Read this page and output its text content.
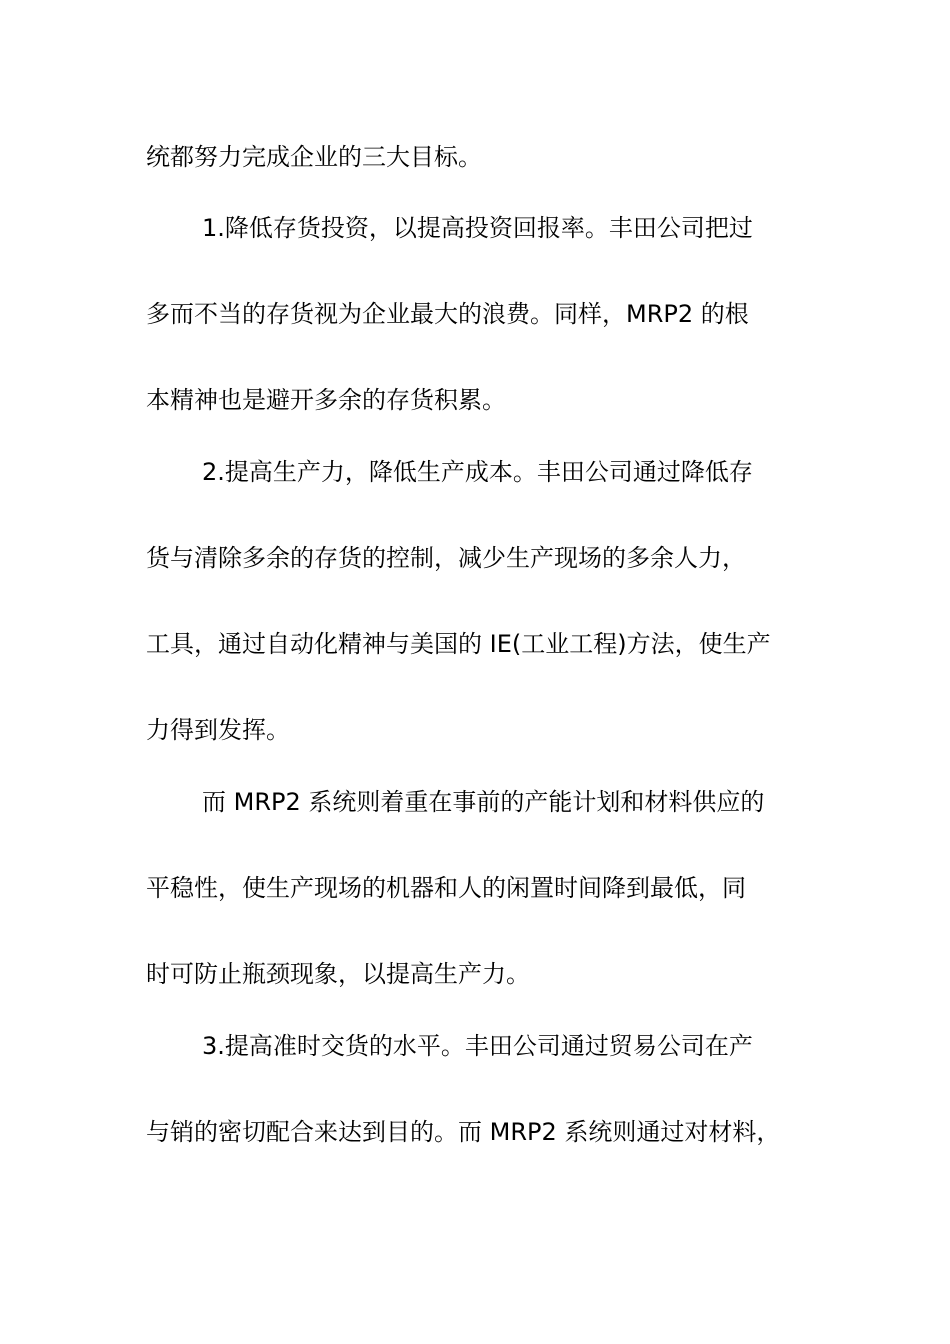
统都努力完成企业的三大目标。
1.降低存货投资，以提高投资回报率。丰田公司把过
多而不当的存货视为企业最大的浪费。同样，MRP2 的根
本精神也是避开多余的存货积累。
2.提高生产力，降低生产成本。丰田公司通过降低存
货与清除多余的存货的控制，减少生产现场的多余人力，
工具，通过自动化精神与美国的 IE(工业工程)方法，使生产
力得到发挥。
而 MRP2 系统则着重在事前的产能计划和材料供应的
平稳性，使生产现场的机器和人的闲置时间降到最低，同
时可防止瓶颈现象，以提高生产力。
3.提高准时交货的水平。丰田公司通过贸易公司在产
与销的密切配合来达到目的。而 MRP2 系统则通过对材料，
